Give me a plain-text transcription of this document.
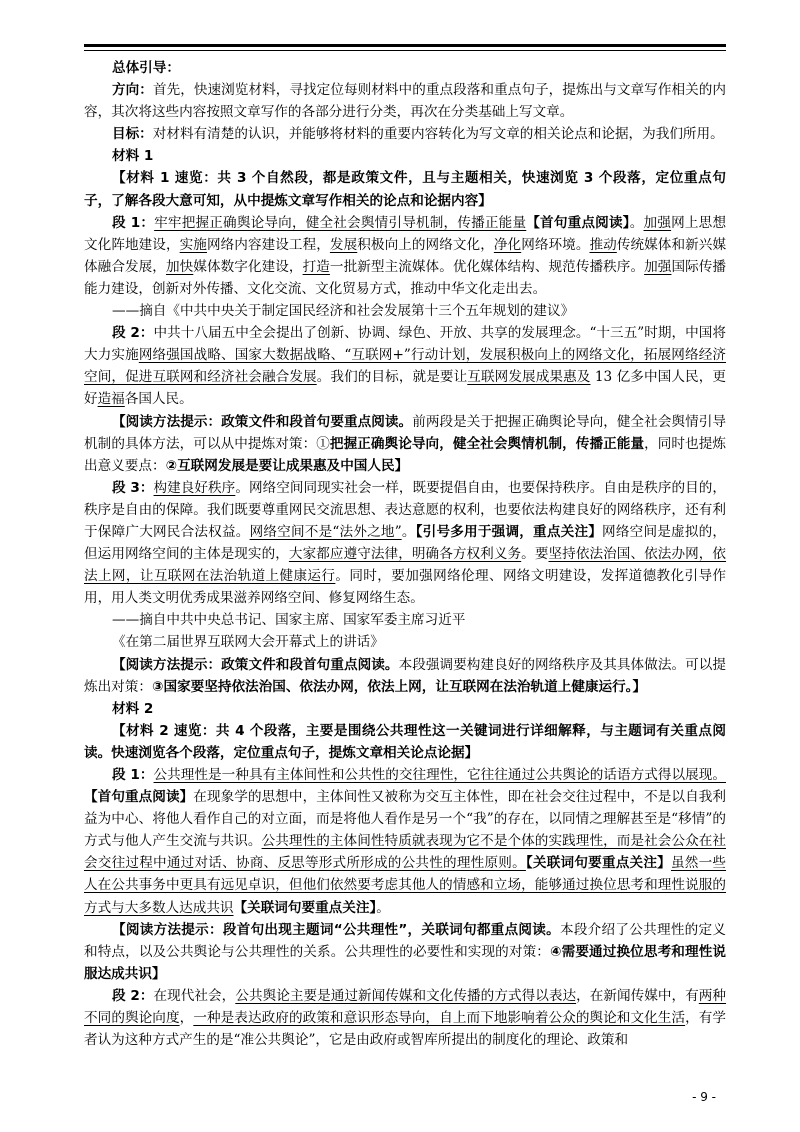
总体引导：

方向：首先，快速浏览材料，寻找定位每则材料中的重点段落和重点句子，提炼出与文章写作相关的内容，其次将这些内容按照文章写作的各部分进行分类，再次在分类基础上写文章。

目标：对材料有清楚的认识，并能够将材料的重要内容转化为写文章的相关论点和论据，为我们所用。

材料 1

【材料 1 速览：共 3 个自然段，都是政策文件，且与主题相关，快速浏览 3 个段落，定位重点句子，了解各段大意可知，从中提炼文章写作相关的论点和论据内容】

段 1：牢牢把握正确舆论导向，健全社会舆情引导机制，传播正能量【首句重点阅读】。加强网上思想文化阵地建设，实施网络内容建设工程，发展积极向上的网络文化，净化网络环境。推动传统媒体和新兴媒体融合发展，加快媒体数字化建设，打造一批新型主流媒体。优化媒体结构、规范传播秩序。加强国际传播能力建设，创新对外传播、文化交流、文化贸易方式，推动中华文化走出去。

——摘自《中共中央关于制定国民经济和社会发展第十三个五年规划的建议》

段 2：中共十八届五中全会提出了创新、协调、绿色、开放、共享的发展理念。“十三五”时期，中国将大力实施网络强国战略、国家大数据战略、“互联网+”行动计划，发展积极向上的网络文化，拓展网络经济空间，促进互联网和经济社会融合发展。我们的目标，就是要让互联网发展成果惠及 13 亿多中国人民，更好造福各国人民。

【阅读方法提示：政策文件和段首句要重点阅读。前两段是关于把握正确舆论导向，健全社会舆情引导机制的具体方法，可以从中提炼对策：①把握正确舆论导向，健全社会舆情机制，传播正能量，同时也提炼出意义要点：②互联网发展是要让成果惠及中国人民】

段 3：构建良好秩序。网络空间同现实社会一样，既要提倡自由，也要保持秩序。自由是秩序的目的，秩序是自由的保障。我们既要尊重网民交流思想、表达意愿的权利，也要依法构建良好的网络秩序，还有利于保障广大网民合法权益。网络空间不是“法外之地”。【引号多用于强调，重点关注】网络空间是虚拟的，但运用网络空间的主体是现实的，大家都应遵守法律，明确各方权利义务。要坚持依法治国、依法办网，依法上网，让互联网在法治轨道上健康运行。同时，要加强网络伦理、网络文明建设，发挥道德教化引导作用，用人类文明优秀成果滋养网络空间、修复网络生态。

——摘自中共中央总书记、国家主席、国家军委主席习近平

《在第二届世界互联网大会开幕式上的讲话》

【阅读方法提示：政策文件和段首句重点阅读。本段强调要构建良好的网络秩序及其具体做法。可以提炼出对策：③国家要坚持依法治国、依法办网，依法上网，让互联网在法治轨道上健康运行。】

材料 2

【材料 2 速览：共 4 个段落，主要是围绕公共理性这一关键词进行详细解释，与主题词有关重点阅读。快速浏览各个段落，定位重点句子，提炼文章相关论点论据】

段 1：公共理性是一种具有主体间性和公共性的交往理性，它往往通过公共舆论的话语方式得以展现。【首句重点阅读】在现象学的思想中，主体间性又被称为交互主体性，即在社会交往过程中，不是以自我利益为中心、将他人看作自己的对立面，而是将他人看作是另一个“我”的存在，以同情之理解甚至是“移情”的方式与他人产生交流与共识。公共理性的主体间性特质就表现为它不是个体的实践理性，而是社会公众在社会交往过程中通过对话、协商、反思等形式所形成的公共性的理性原则。【关联词句要重点关注】虽然一些人在公共事务中更具有远见卓识，但他们依然要考虑其他人的情感和立场，能够通过换位思考和理性说服的方式与大多数人达成共识【关联词句要重点关注】。

【阅读方法提示：段首句出现主题词“公共理性”，关联词句都重点阅读。本段介绍了公共理性的定义和特点，以及公共舆论与公共理性的关系。公共理性的必要性和实现的对策：④需要通过换位思考和理性说服达成共识】

段 2：在现代社会，公共舆论主要是通过新闻传媒和文化传播的方式得以表达，在新闻传媒中，有两种不同的舆论向度，一种是表达政府的政策和意识形态导向，自上而下地影响着公众的舆论和文化生活，有学者认为这种方式产生的是“准公共舆论”，它是由政府或智库所提出的制度化的理论、政策和

- 9 -
